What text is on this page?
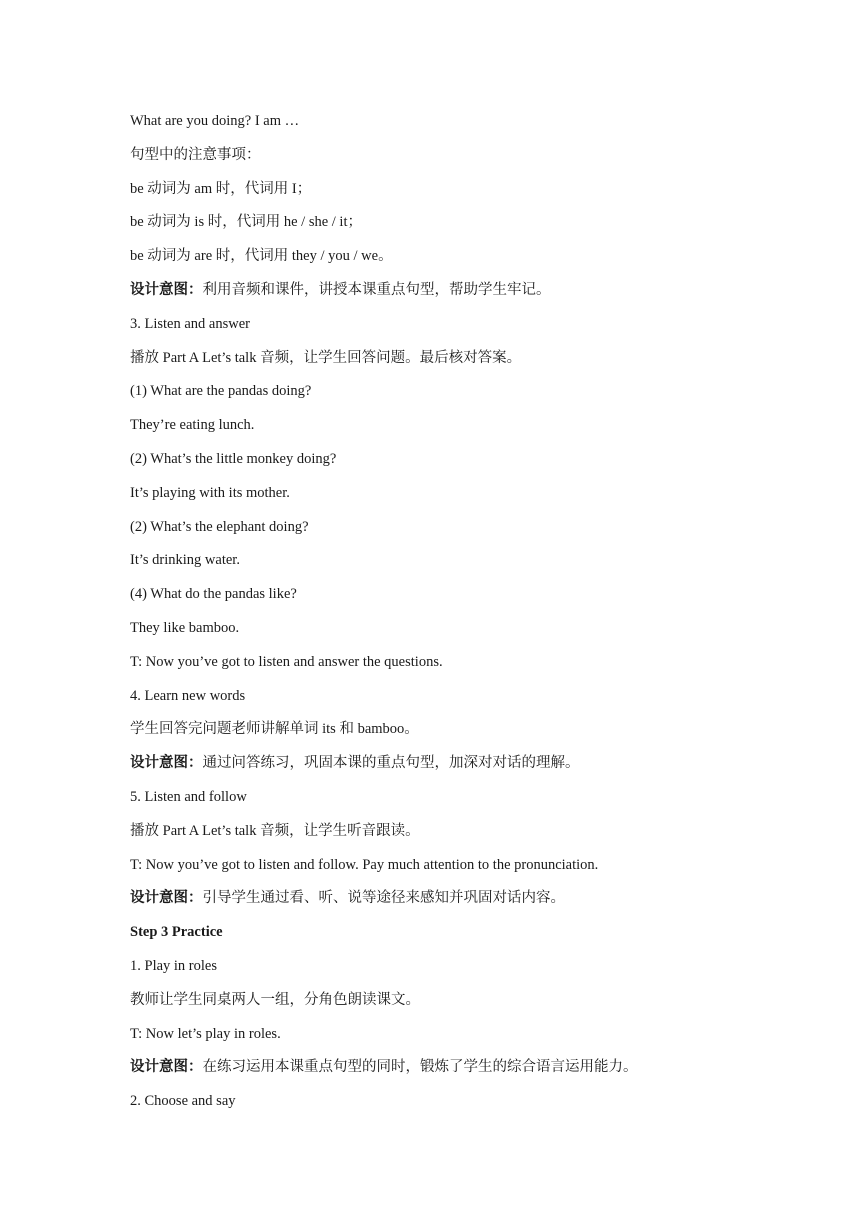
What are you doing? I am …
句型中的注意事项：
be 动词为 am 时，代词用 I；
be 动词为 is 时，代词用 he / she / it；
be 动词为 are 时，代词用 they / you / we。
设计意图：利用音频和课件，讲授本课重点句型，帮助学生牢记。
3. Listen and answer
播放 Part A Let’s talk 音频，让学生回答问题。最后核对答案。
(1) What are the pandas doing?
They’re eating lunch.
(2) What’s the little monkey doing?
It’s playing with its mother.
(2) What’s the elephant doing?
It’s drinking water.
(4) What do the pandas like?
They like bamboo.
T: Now you’ve got to listen and answer the questions.
4. Learn new words
学生回答完问题老师讲解单词 its 和 bamboo。
设计意图：通过问答练习，巩固本课的重点句型，加深对对话的理解。
5. Listen and follow
播放 Part A Let’s talk 音频，让学生听音跟读。
T: Now you’ve got to listen and follow. Pay much attention to the pronunciation.
设计意图：引导学生通过看、听、说等途径来感知并巩固对话内容。
Step 3 Practice
1. Play in roles
教师让学生同桌两人一组，分角色朗读课文。
T: Now let’s play in roles.
设计意图：在练习运用本课重点句型的同时，锻炼了学生的综合语言运用能力。
2. Choose and say
